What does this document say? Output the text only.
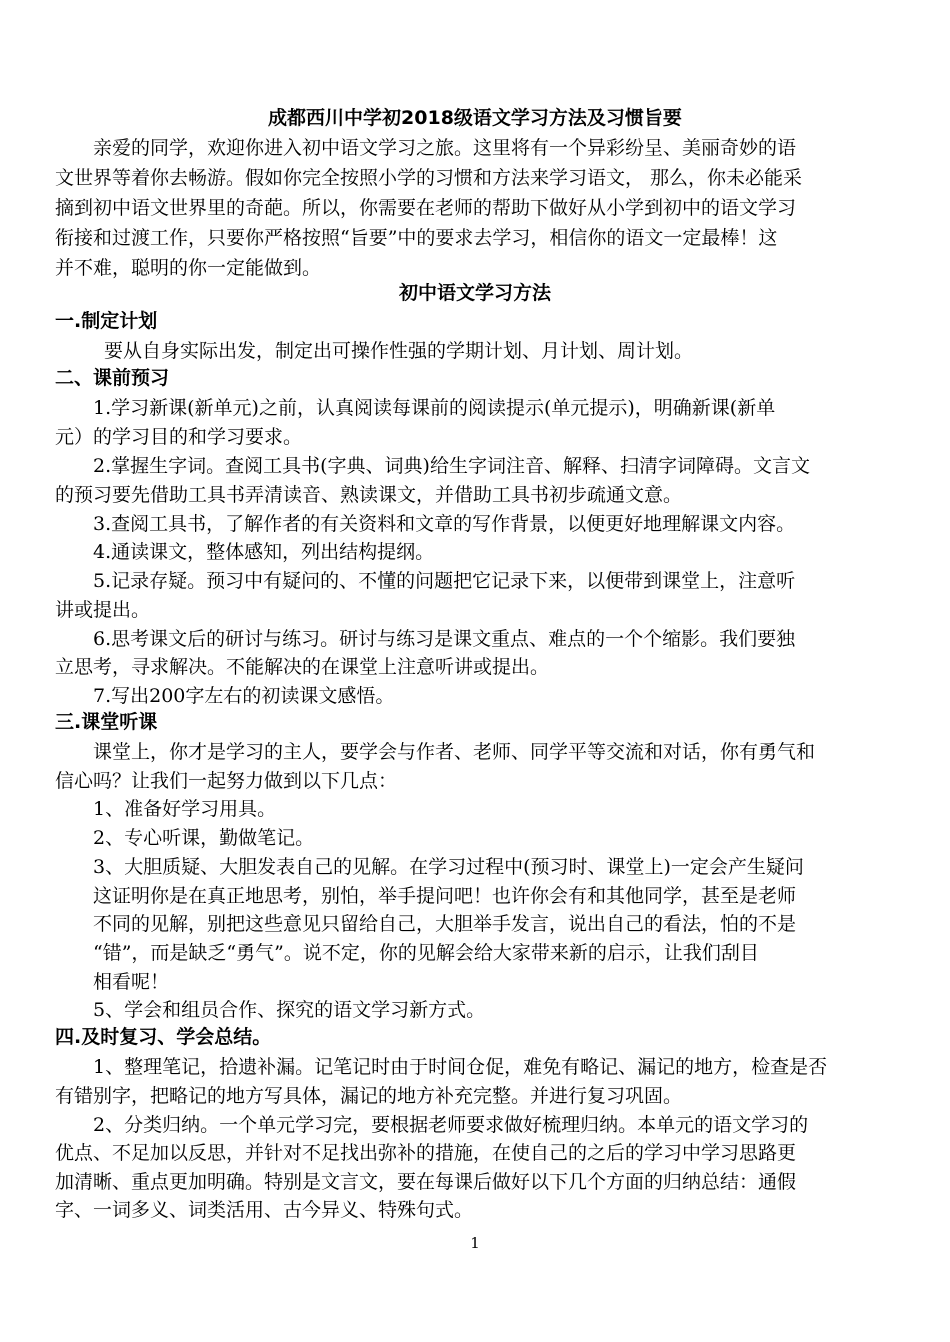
成都西川中学初2018级语文学习方法及习惯旨要
亲爱的同学，欢迎你进入初中语文学习之旅。这里将有一个异彩纷呈、美丽奇妙的语
文世界等着你去畅游。假如你完全按照小学的习惯和方法来学习语文， 那么，你未必能采
摘到初中语文世界里的奇葩。所以，你需要在老师的帮助下做好从小学到初中的语文学习
衔接和过渡工作，只要你严格按照“旨要”中的要求去学习，相信你的语文一定最棒！这
并不难，聪明的你一定能做到。
初中语文学习方法
一.制定计划
要从自身实际出发，制定出可操作性强的学期计划、月计划、周计划。
二、课前预习
1.学习新课(新单元)之前，认真阅读每课前的阅读提示(单元提示)，明确新课(新单
元）的学习目的和学习要求。
2.掌握生字词。查阅工具书(字典、词典)给生字词注音、解释、扫清字词障碍。文言文
的预习要先借助工具书弄清读音、熟读课文，并借助工具书初步疏通文意。
3.查阅工具书，了解作者的有关资料和文章的写作背景，以便更好地理解课文内容。
4.通读课文，整体感知，列出结构提纲。
5.记录存疑。预习中有疑问的、不懂的问题把它记录下来，以便带到课堂上，注意听
讲或提出。
6.思考课文后的研讨与练习。研讨与练习是课文重点、难点的一个个缩影。我们要独
立思考，寻求解决。不能解决的在课堂上注意听讲或提出。
7.写出200字左右的初读课文感悟。
三.课堂听课
课堂上，你才是学习的主人，要学会与作者、老师、同学平等交流和对话，你有勇气和
信心吗？让我们一起努力做到以下几点：
1、准备好学习用具。
2、专心听课，勤做笔记。
3、大胆质疑、大胆发表自己的见解。在学习过程中(预习时、课堂上)一定会产生疑问
这证明你是在真正地思考，别怕，举手提问吧！也许你会有和其他同学，甚至是老师
不同的见解，别把这些意见只留给自己，大胆举手发言，说出自己的看法，怕的不是
“错”，而是缺乏“勇气”。说不定，你的见解会给大家带来新的启示，让我们刮目
相看呢！
5、学会和组员合作、探究的语文学习新方式。
四.及时复习、学会总结。
1、整理笔记，拾遗补漏。记笔记时由于时间仓促，难免有略记、漏记的地方，检查是否
有错别字，把略记的地方写具体，漏记的地方补充完整。并进行复习巩固。
2、分类归纳。一个单元学习完，要根据老师要求做好梳理归纳。本单元的语文学习的
优点、不足加以反思，并针对不足找出弥补的措施，在使自己的之后的学习中学习思路更
加清晰、重点更加明确。特别是文言文，要在每课后做好以下几个方面的归纳总结：通假
字、一词多义、词类活用、古今异义、特殊句式。
1
